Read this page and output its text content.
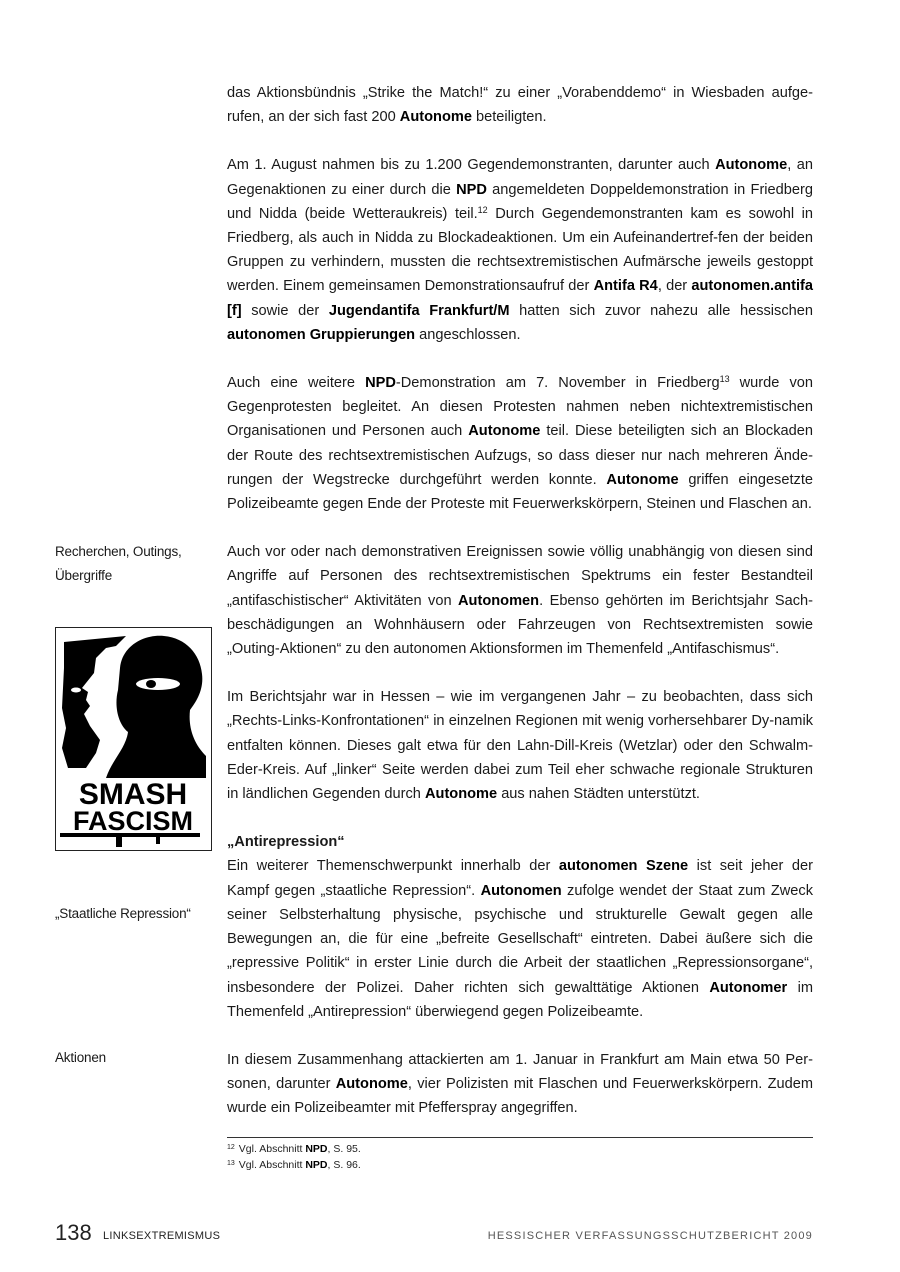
das Aktionsbündnis „Strike the Match!“ zu einer „Vorabenddemo“ in Wiesbaden aufge-rufen, an der sich fast 200 Autonome beteiligten.

Am 1. August nahmen bis zu 1.200 Gegendemonstranten, darunter auch Autonome, an Gegenaktionen zu einer durch die NPD angemeldeten Doppeldemonstration in Friedberg und Nidda (beide Wetteraukreis) teil.$^{12}$ Durch Gegendemonstranten kam es sowohl in Friedberg, als auch in Nidda zu Blockadeaktionen. Um ein Aufeinandertref-fen der beiden Gruppen zu verhindern, mussten die rechtsextremistischen Aufmärsche jeweils gestoppt werden. Einem gemeinsamen Demonstrationsaufruf der Antifa R4, der autonomen.antifa [f] sowie der Jugendantifa Frankfurt/M hatten sich zuvor nahezu alle hessischen autonomen Gruppierungen angeschlossen.

Auch eine weitere NPD-Demonstration am 7. November in Friedberg$^{13}$ wurde von Gegenprotesten begleitet. An diesen Protesten nahmen neben nichtextremistischen Organisationen und Personen auch Autonome teil. Diese beteiligten sich an Blockaden der Route des rechtsextremistischen Aufzugs, so dass dieser nur nach mehreren Ände-rungen der Wegstrecke durchgeführt werden konnte. Autonome griffen eingesetzte Polizeibeamte gegen Ende der Proteste mit Feuerwerkskörpern, Steinen und Flaschen an.

Auch vor oder nach demonstrativen Ereignissen sowie völlig unabhängig von diesen sind Angriffe auf Personen des rechtsextremistischen Spektrums ein fester Bestandteil „antifaschistischer“ Aktivitäten von Autonomen. Ebenso gehörten im Berichtsjahr Sach-beschädigungen an Wohnhäusern oder Fahrzeugen von Rechtsextremisten sowie „Outing-Aktionen“ zu den autonomen Aktionsformen im Themenfeld „Antifaschismus“.

Im Berichtsjahr war in Hessen – wie im vergangenen Jahr – zu beobachten, dass sich „Rechts-Links-Konfrontationen“ in einzelnen Regionen mit wenig vorhersehbarer Dy-namik entfalten können. Dieses galt etwa für den Lahn-Dill-Kreis (Wetzlar) oder den Schwalm-Eder-Kreis. Auf „linker“ Seite werden dabei zum Teil eher schwache regionale Strukturen in ländlichen Gegenden durch Autonome aus nahen Städten unterstützt.

„Antirepression“

Ein weiterer Themenschwerpunkt innerhalb der autonomen Szene ist seit jeher der Kampf gegen „staatliche Repression“. Autonomen zufolge wendet der Staat zum Zweck seiner Selbsterhaltung physische, psychische und strukturelle Gewalt gegen alle Bewegungen an, die für eine „befreite Gesellschaft“ eintreten. Dabei äußere sich die „repressive Politik“ in erster Linie durch die Arbeit der staatlichen „Repressionsorgane“, insbesondere der Polizei. Daher richten sich gewalttätige Aktionen Autonomer im Themenfeld „Antirepression“ überwiegend gegen Polizeibeamte.

In diesem Zusammenhang attackierten am 1. Januar in Frankfurt am Main etwa 50 Per-sonen, darunter Autonome, vier Polizisten mit Flaschen und Feuerwerkskörpern. Zudem wurde ein Polizeibeamter mit Pfefferspray angegriffen.

Recherchen, Outings, Übergriffe
„Staatliche Repression“
Aktionen
SMASH
FASCISM
$^{12}$ Vgl. Abschnitt NPD, S. 95.
$^{13}$ Vgl. Abschnitt NPD, S. 96.
138 LINKSEXTREMISMUS	HESSISCHER VERFASSUNGSSCHUTZBERICHT 2009
